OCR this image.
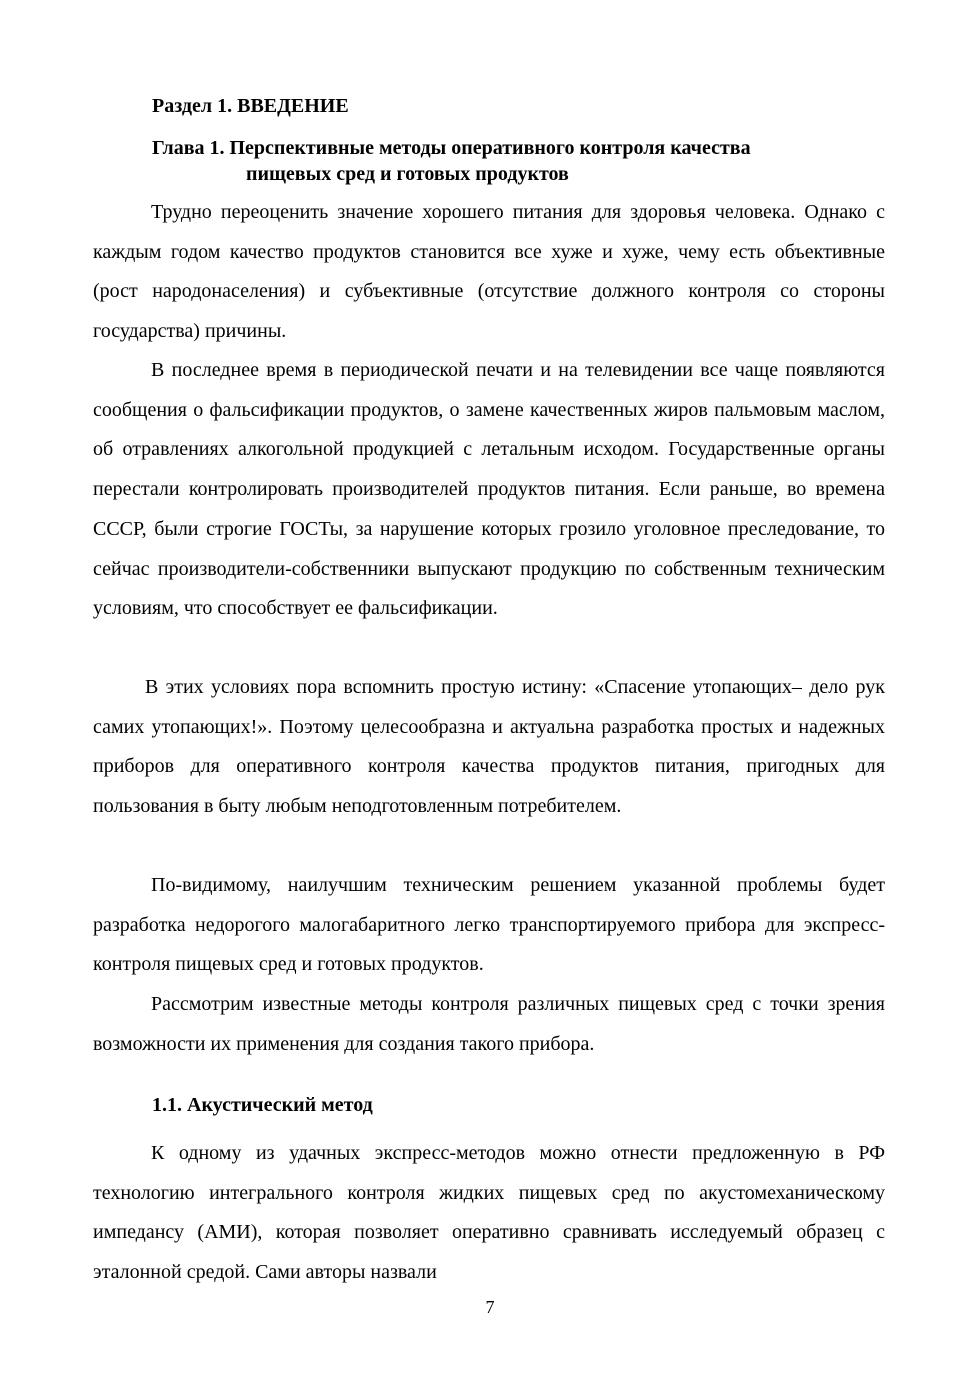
Раздел 1. ВВЕДЕНИЕ
Глава 1. Перспективные методы оперативного контроля качества
пищевых сред и готовых продуктов

Трудно переоценить значение хорошего питания для здоровья человека. Однако с каждым годом качество продуктов становится все хуже и хуже, чему есть объективные (рост народонаселения) и субъективные (отсутствие должного контроля со стороны государства) причины.

В последнее время в периодической печати и на телевидении все чаще появляются сообщения о фальсификации продуктов, о замене качественных жиров пальмовым маслом, об отравлениях алкогольной продукцией с летальным исходом. Государственные органы перестали контролировать производителей продуктов питания. Если раньше, во времена СССР, были строгие ГОСТы, за нарушение которых грозило уголовное преследование, то сейчас производители-собственники выпускают продукцию по собственным техническим условиям, что способствует ее фальсификации.

В этих условиях пора вспомнить простую истину: «Спасение утопающих– дело рук самих утопающих!». Поэтому целесообразна и актуальна разработка простых и надежных приборов для оперативного контроля качества продуктов питания, пригодных для пользования в быту любым неподготовленным потребителем.

По-видимому, наилучшим техническим решением указанной проблемы будет разработка недорогого малогабаритного легко транспортируемого прибора для экспресс-контроля пищевых сред и готовых продуктов.

Рассмотрим известные методы контроля различных пищевых сред с точки зрения возможности их применения для создания такого прибора.

1.1. Акустический метод

К одному из удачных экспресс-методов можно отнести предложенную в РФ технологию интегрального контроля жидких пищевых сред по акустомеханическому импедансу (АМИ), которая позволяет оперативно сравнивать исследуемый образец с эталонной средой. Сами авторы назвали

7
